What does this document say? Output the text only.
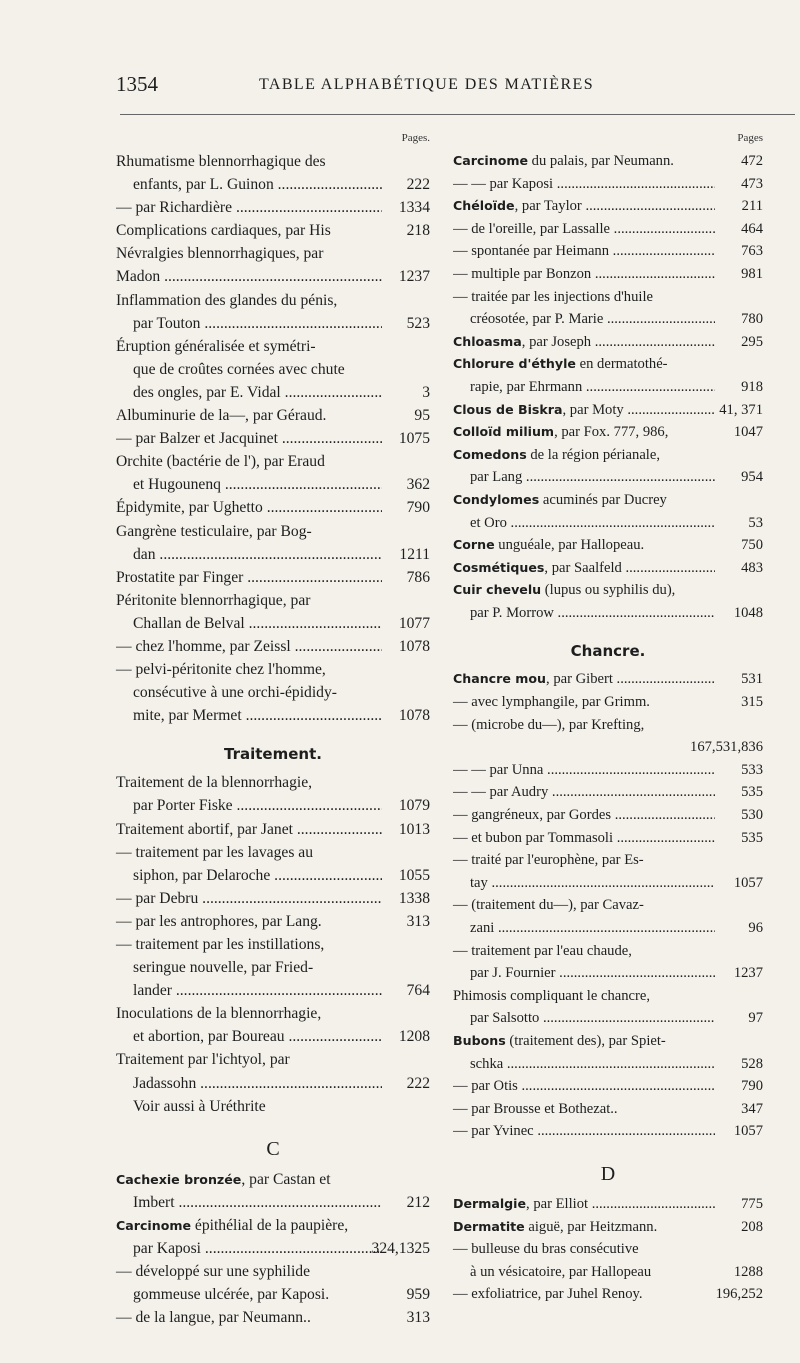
1354	TABLE ALPHABÉTIQUE DES MATIÈRES
Pages.
Rhumatisme blennorrhagique des
enfants, par L. Guinon .....	222
— par Richardière .....	1334
Complications cardiaques, par His	218
Névralgies blennorrhagiques, par
Madon .....	1237
Inflammation des glandes du pénis,
par Touton .....	523
Éruption généralisée et symétri-
que de croûtes cornées avec chute
des ongles, par E. Vidal .....	3
Albuminurie de la—, par Géraud.	95
— par Balzer et Jacquinet .....	1075
Orchite (bactérie de l'), par Eraud
et Hugounenq .....	362
Épidymite, par Ughetto .....	790
Gangrène testiculaire, par Bog-
dan .....	1211
Prostatite par Finger .....	786
Péritonite blennorrhagique, par
Challan de Belval .....	1077
— chez l'homme, par Zeissl .....	1078
— pelvi-péritonite chez l'homme,
consécutive à une orchi-épididy-
mite, par Mermet .....	1078
Traitement.
Traitement de la blennorrhagie,
par Porter Fiske .....	1079
Traitement abortif, par Janet .....	1013
— traitement par les lavages au
siphon, par Delaroche .....	1055
— par Debru .....	1338
— par les antrophores, par Lang.	313
— traitement par les instillations,
seringue nouvelle, par Fried-
lander .....	764
Inoculations de la blennorrhagie,
et abortion, par Boureau .....	1208
Traitement par l'ichtyol, par
Jadassohn .....	222
Voir aussi à Uréthrite
C
Cachexie bronzée, par Castan et
Imbert .....	212
Carcinome épithélial de la paupière,
par Kaposi .....	324,1325
— développé sur une syphilide
gommeuse ulcérée, par Kaposi.	959
— de la langue, par Neumann..	313
Pages
Carcinome du palais, par Neumann.	472
— — par Kaposi .....	473
Chéloïde, par Taylor .....	211
— de l'oreille, par Lassalle .....	464
— spontanée par Heimann .....	763
— multiple par Bonzon .....	981
— traitée par les injections d'huile
créosotée, par P. Marie .....	780
Chloasma, par Joseph .....	295
Chlorure d'éthyle en dermatothé-
rapie, par Ehrmann .....	918
Clous de Biskra, par Moty .....	41, 371
Colloïd milium, par Fox. 777, 986,	1047
Comedons de la région périanale,
par Lang .....	954
Condylomes acuminés par Ducrey
et Oro .....	53
Corne unguéale, par Hallopeau.	750
Cosmétiques, par Saalfeld .....	483
Cuir chevelu (lupus ou syphilis du),
par P. Morrow .....	1048
Chancre.
Chancre mou, par Gibert .....	531
— avec lymphangile, par Grimm.	315
— (microbe du—), par Krefting,
167,531,836
— — par Unna .....	533
— — par Audry .....	535
— gangréneux, par Gordes .....	530
— et bubon par Tommasoli .....	535
— traité par l'europhène, par Es-
tay .....	1057
— (traitement du—), par Cavaz-
zani .....	96
— traitement par l'eau chaude,
par J. Fournier .....	1237
Phimosis compliquant le chancre,
par Salsotto .....	97
Bubons (traitement des), par Spiet-
schka .....	528
— par Otis .....	790
— par Brousse et Bothezat..	347
— par Yvinec .....	1057
D
Dermalgie, par Elliot .....	775
Dermatite aiguë, par Heitzmann.	208
— bulleuse du bras consécutive
à un vésicatoire, par Hallopeau	1288
— exfoliatrice, par Juhel Renoy.	196,252
